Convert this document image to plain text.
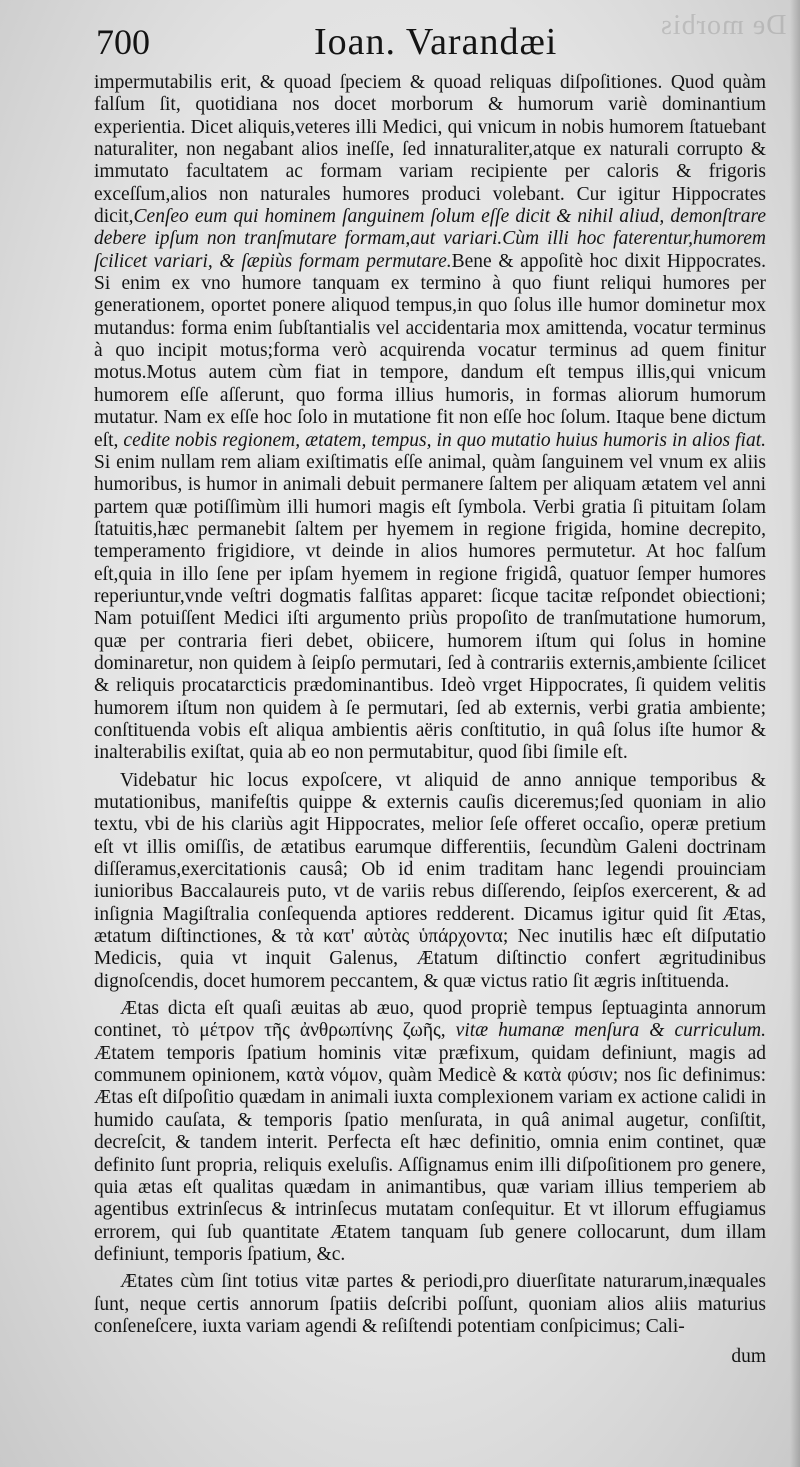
De morbis
700	Ioan. Varandæi

impermutabilis erit, & quoad ſpeciem & quoad reliquas diſpoſitiones. Quod quàm falſum ſit, quotidiana nos docet morborum & humorum variè dominantium experientia. Dicet aliquis,veteres illi Medici, qui vnicum in nobis humorem ſtatuebant naturaliter, non negabant alios ineſſe, ſed innaturaliter,atque ex naturali corrupto & immutato facultatem ac formam variam recipiente per caloris & frigoris exceſſum,alios non naturales humores produci volebant. Cur igitur Hippocrates dicit,Cenſeo eum qui hominem ſanguinem ſolum eſſe dicit & nihil aliud, demonſtrare debere ipſum non tranſmutare formam,aut variari.Cùm illi hoc faterentur,humorem ſcilicet variari, & ſæpiùs formam permutare.Bene & appoſitè hoc dixit Hippocrates. Si enim ex vno humore tanquam ex termino à quo fiunt reliqui humores per generationem, oportet ponere aliquod tempus,in quo ſolus ille humor dominetur mox mutandus: forma enim ſubſtantialis vel accidentaria mox amittenda, vocatur terminus à quo incipit motus;forma verò acquirenda vocatur terminus ad quem finitur motus.Motus autem cùm fiat in tempore, dandum eſt tempus illis,qui vnicum humorem eſſe aſſerunt, quo forma illius humoris, in formas aliorum humorum mutatur. Nam ex eſſe hoc ſolo in mutatione fit non eſſe hoc ſolum. Itaque bene dictum eſt, cedite nobis regionem, ætatem, tempus, in quo mutatio huius humoris in alios fiat. Si enim nullam rem aliam exiſtimatis eſſe animal, quàm ſanguinem vel vnum ex aliis humoribus, is humor in animali debuit permanere ſaltem per aliquam ætatem vel anni partem quæ potiſſimùm illi humori magis eſt ſymbola. Verbi gratia ſi pituitam ſolam ſtatuitis,hæc permanebit ſaltem per hyemem in regione frigida, homine decrepito, temperamento frigidiore, vt deinde in alios humores permutetur. At hoc falſum eſt,quia in illo ſene per ipſam hyemem in regione frigidâ, quatuor ſemper humores reperiuntur,vnde veſtri dogmatis falſitas apparet: ſicque tacitæ reſpondet obiectioni; Nam potuiſſent Medici iſti argumento priùs propoſito de tranſmutatione humorum, quæ per contraria fieri debet, obiicere, humorem iſtum qui ſolus in homine dominaretur, non quidem à ſeipſo permutari, ſed à contrariis externis,ambiente ſcilicet & reliquis procatarcticis prædominantibus. Ideò vrget Hippocrates, ſi quidem velitis humorem iſtum non quidem à ſe permutari, ſed ab externis, verbi gratia ambiente; conſtituenda vobis eſt aliqua ambientis aëris conſtitutio, in quâ ſolus iſte humor & inalterabilis exiſtat, quia ab eo non permutabitur, quod ſibi ſimile eſt.

Videbatur hic locus expoſcere, vt aliquid de anno annique temporibus & mutationibus, manifeſtis quippe & externis cauſis diceremus;ſed quoniam in alio textu, vbi de his clariùs agit Hippocrates, melior ſeſe offeret occaſio, operæ pretium eſt vt illis omiſſis, de ætatibus earumque differentiis, ſecundùm Galeni doctrinam diſſeramus,exercitationis causâ; Ob id enim traditam hanc legendi prouinciam iunioribus Baccalaureis puto, vt de variis rebus diſſerendo, ſeipſos exercerent, & ad inſignia Magiſtralia conſequenda aptiores redderent. Dicamus igitur quid ſit Ætas, ætatum diſtinctiones, & τὰ κατ' αὐτὰς ὑπάρχοντα; Nec inutilis hæc eſt diſputatio Medicis, quia vt inquit Galenus, Ætatum diſtinctio confert ægritudinibus dignoſcendis, docet humorem peccantem, & quæ victus ratio ſit ægris inſtituenda.

Ætas dicta eſt quaſi æuitas ab æuo, quod propriè tempus ſeptuaginta annorum continet, τὸ μέτρον τῆς ἀνθρωπίνης ζωῆς, vitæ humanæ menſura & curriculum. Ætatem temporis ſpatium hominis vitæ præfixum, quidam definiunt, magis ad communem opinionem, κατὰ νόμον, quàm Medicè & κατὰ φύσιν; nos ſic definimus: Ætas eſt diſpoſitio quædam in animali iuxta complexionem variam ex actione calidi in humido cauſata, & temporis ſpatio menſurata, in quâ animal augetur, conſiſtit, decreſcit, & tandem interit. Perfecta eſt hæc definitio, omnia enim continet, quæ definito ſunt propria, reliquis exeluſis. Aſſignamus enim illi diſpoſitionem pro genere, quia ætas eſt qualitas quædam in animantibus, quæ variam illius temperiem ab agentibus extrinſecus & intrinſecus mutatam conſequitur. Et vt illorum effugiamus errorem, qui ſub quantitate Ætatem tanquam ſub genere collocarunt, dum illam definiunt, temporis ſpatium, &c.

Ætates cùm ſint totius vitæ partes & periodi,pro diuerſitate naturarum,inæquales ſunt, neque certis annorum ſpatiis deſcribi poſſunt, quoniam alios aliis maturius conſeneſcere, iuxta variam agendi & reſiſtendi potentiam conſpicimus; Cali-

dum
